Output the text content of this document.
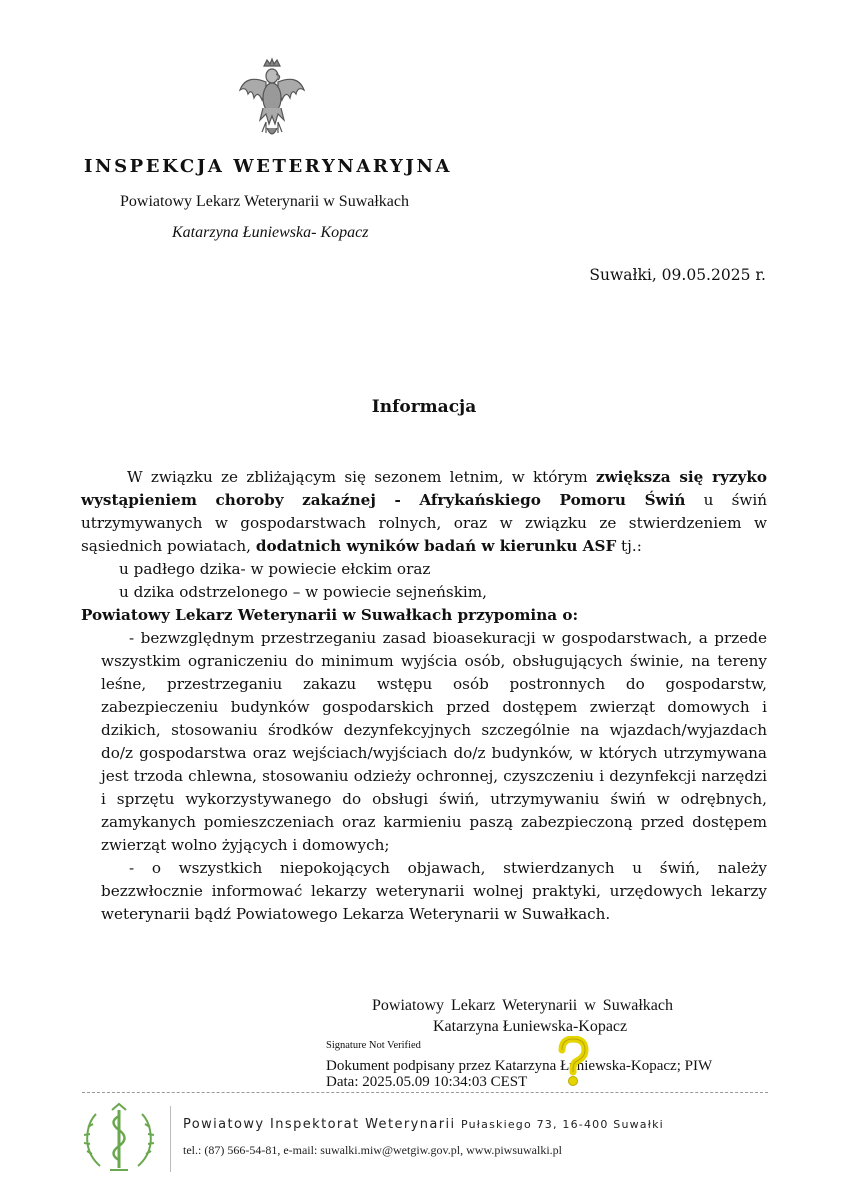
INSPEKCJA WETERYNARYJNA
Powiatowy Lekarz Weterynarii w Suwałkach
Katarzyna Łuniewska- Kopacz
Suwałki, 09.05.2025 r.
Informacja

W związku ze zbliżającym się sezonem letnim, w którym zwiększa się ryzyko wystąpieniem choroby zakaźnej - Afrykańskiego Pomoru Świń u świń utrzymywanych w gospodarstwach rolnych, oraz w związku ze stwierdzeniem w sąsiednich powiatach, dodatnich wyników badań w kierunku ASF tj.:

u padłego dzika- w powiecie ełckim oraz

u dzika odstrzelonego – w powiecie sejneńskim,

Powiatowy Lekarz Weterynarii w Suwałkach przypomina o:

- bezwzględnym przestrzeganiu zasad bioasekuracji w gospodarstwach, a przede wszystkim ograniczeniu do minimum wyjścia osób, obsługujących świnie, na tereny leśne, przestrzeganiu zakazu wstępu osób postronnych do gospodarstw, zabezpieczeniu budynków gospodarskich przed dostępem zwierząt domowych i dzikich, stosowaniu środków dezynfekcyjnych szczególnie na wjazdach/wyjazdach do/z gospodarstwa oraz wejściach/wyjściach do/z budynków, w których utrzymywana jest trzoda chlewna, stosowaniu odzieży ochronnej, czyszczeniu i dezynfekcji narzędzi i sprzętu wykorzystywanego do obsługi świń, utrzymywaniu świń w odrębnych, zamykanych pomieszczeniach oraz karmieniu paszą zabezpieczoną przed dostępem zwierząt wolno żyjących i domowych;

- o wszystkich niepokojących objawach, stwierdzanych u świń, należy bezzwłocznie informować lekarzy weterynarii wolnej praktyki, urzędowych lekarzy weterynarii bądź Powiatowego Lekarza Weterynarii w Suwałkach.

Powiatowy Lekarz Weterynarii w Suwałkach
Katarzyna Łuniewska-Kopacz
Signature Not Verified
Dokument podpisany przez Katarzyna Łuniewska-Kopacz; PIW
Data: 2025.05.09 10:34:03 CEST
Powiatowy Inspektorat Weterynarii Pułaskiego 73, 16-400 Suwałki
tel.: (87) 566-54-81, e-mail: suwalki.miw@wetgiw.gov.pl, www.piwsuwalki.pl
